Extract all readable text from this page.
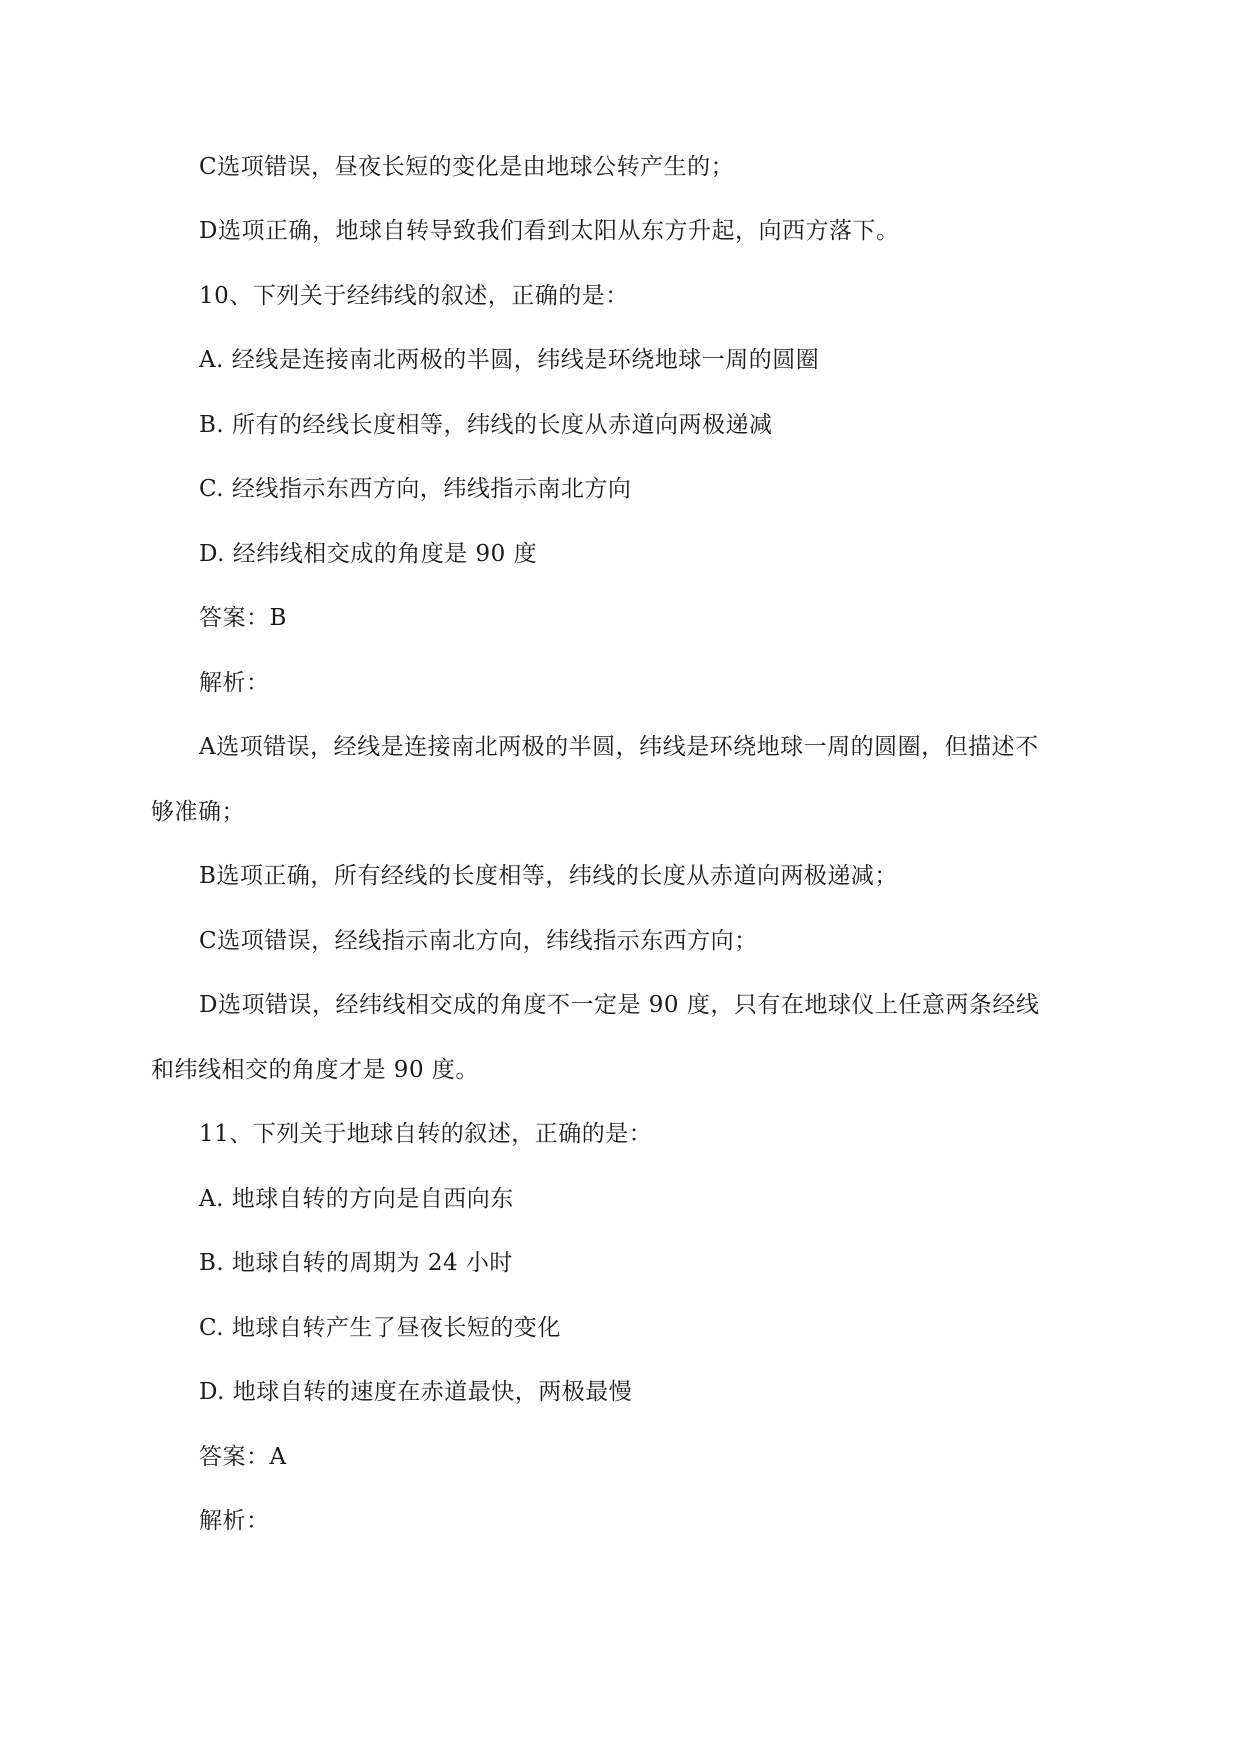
C选项错误，昼夜长短的变化是由地球公转产生的；
D选项正确，地球自转导致我们看到太阳从东方升起，向西方落下。
10、下列关于经纬线的叙述，正确的是：
A. 经线是连接南北两极的半圆，纬线是环绕地球一周的圆圈
B. 所有的经线长度相等，纬线的长度从赤道向两极递减
C. 经线指示东西方向，纬线指示南北方向
D. 经纬线相交成的角度是 90 度
答案：B
解析：
A选项错误，经线是连接南北两极的半圆，纬线是环绕地球一周的圆圈，但描述不
够准确；
B选项正确，所有经线的长度相等，纬线的长度从赤道向两极递减；
C选项错误，经线指示南北方向，纬线指示东西方向；
D选项错误，经纬线相交成的角度不一定是 90 度，只有在地球仪上任意两条经线
和纬线相交的角度才是 90 度。
11、下列关于地球自转的叙述，正确的是：
A. 地球自转的方向是自西向东
B. 地球自转的周期为 24 小时
C. 地球自转产生了昼夜长短的变化
D. 地球自转的速度在赤道最快，两极最慢
答案：A
解析：
